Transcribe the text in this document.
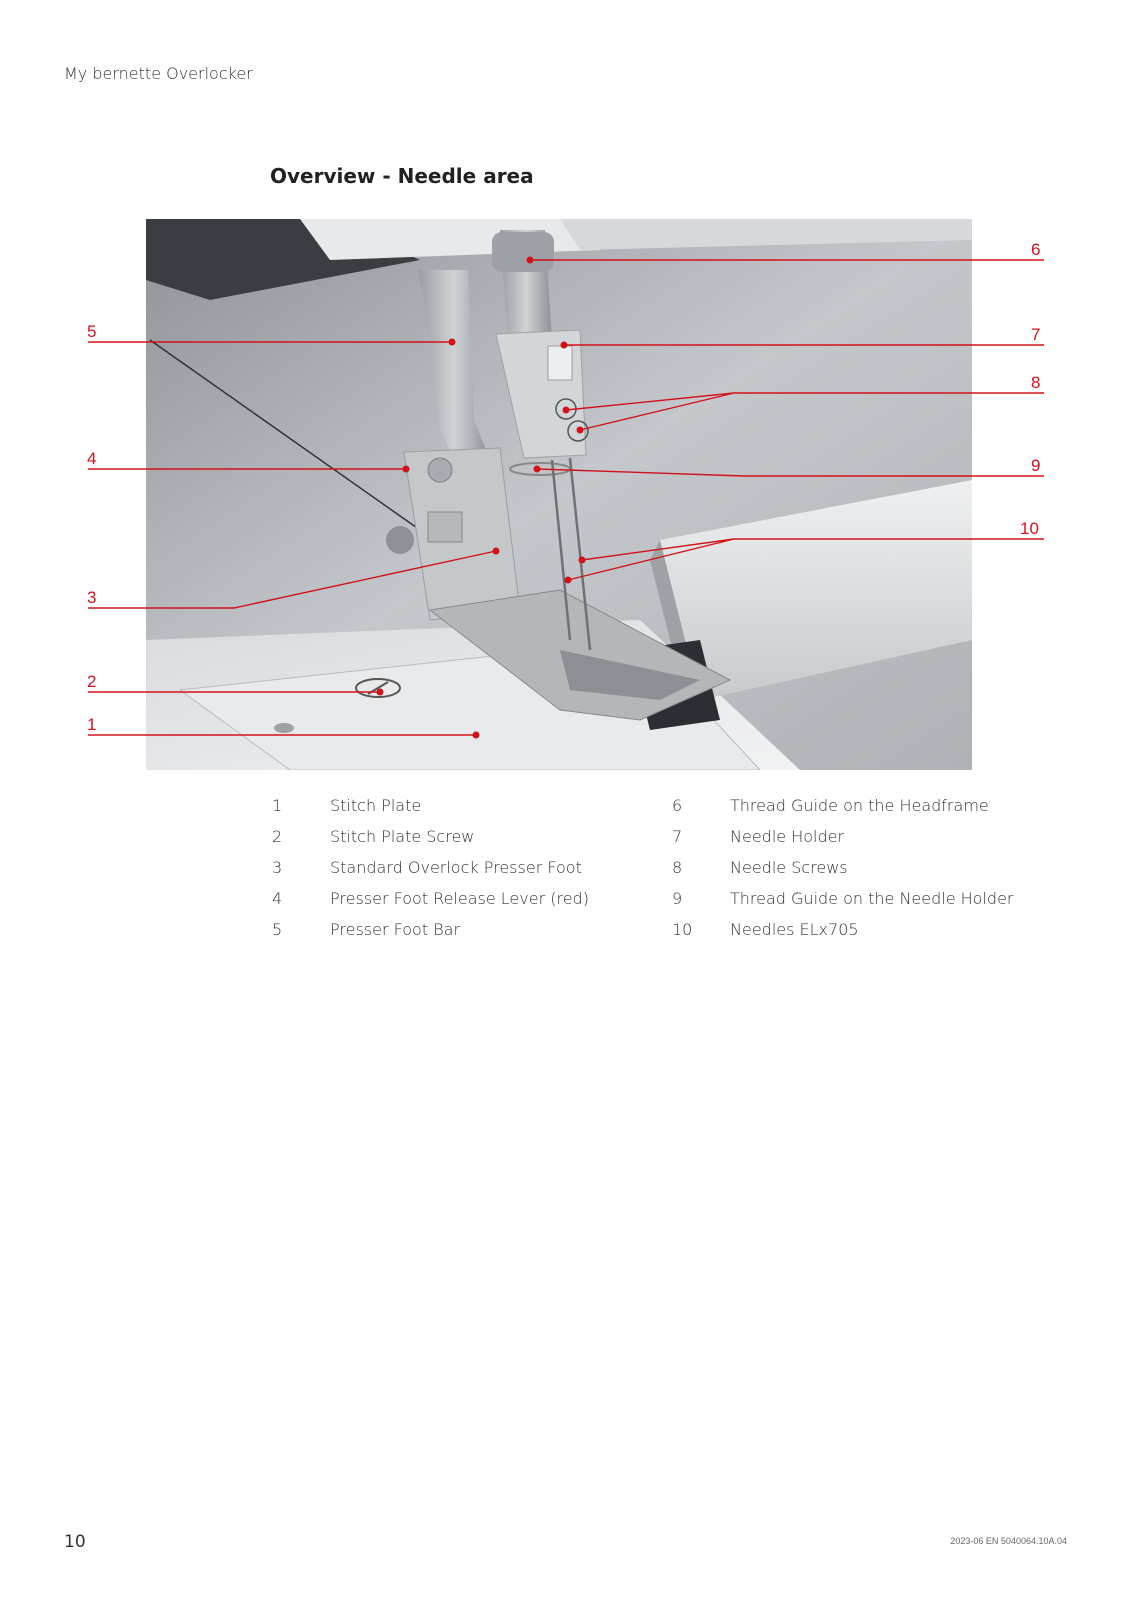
My bernette Overlocker
Overview - Needle area
1
2
3
4
5
6
7
8
9
10
1	Stitch Plate
2	Stitch Plate Screw
3	Standard Overlock Presser Foot
4	Presser Foot Release Lever (red)
5	Presser Foot Bar
6	Thread Guide on the Headframe
7	Needle Holder
8	Needle Screws
9	Thread Guide on the Needle Holder
10	Needles ELx705
10	2023-06 EN 5040064.10A.04
